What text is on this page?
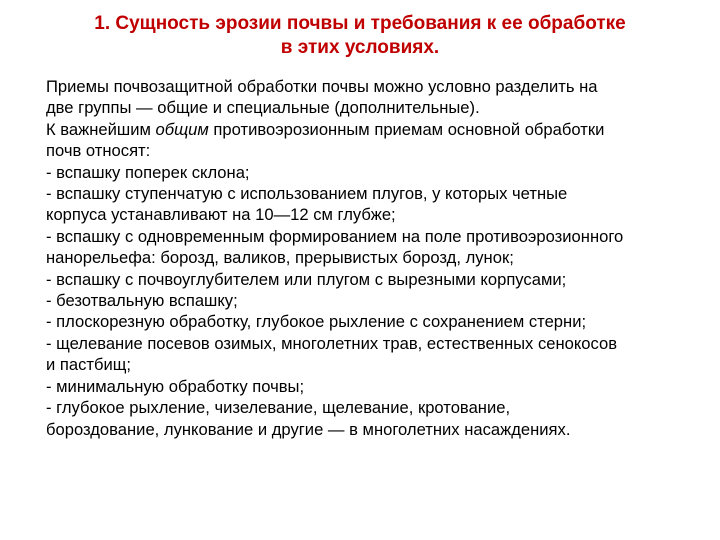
1. Сущность эрозии почвы и требования к ее обработке
в этих условиях.
Приемы почвозащитной обработки почвы можно условно разделить на
две группы — общие и специальные (дополнительные).
К важнейшим общим противоэрозионным приемам основной обработки
почв относят:
- вспашку поперек склона;
- вспашку ступенчатую с использованием плугов, у которых четные
корпуса устанавливают на 10—12 см глубже;
- вспашку с одновременным формированием на поле противоэрозионного
нанорельефа: борозд, валиков, прерывистых борозд, лунок;
- вспашку с почвоуглубителем или плугом с вырезными корпусами;
- безотвальную вспашку;
- плоскорезную обработку, глубокое рыхление с сохранением стерни;
- щелевание посевов озимых, многолетних трав, естественных сенокосов
и пастбищ;
- минимальную обработку почвы;
- глубокое рыхление, чизелевание, щелевание, кротование,
бороздование, лункование и другие — в многолетних насаждениях.
